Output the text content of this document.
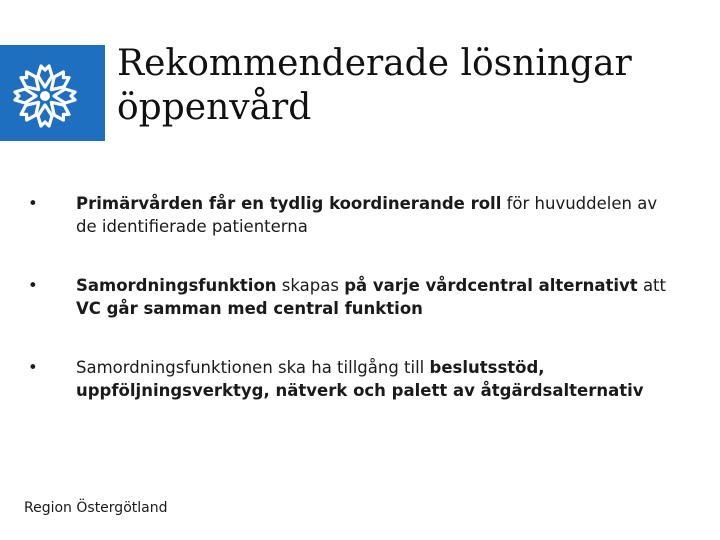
Rekommenderade lösningar
öppenvård
• Primärvården får en tydlig koordinerande roll för huvuddelen av de identifierade patienterna
• Samordningsfunktion skapas på varje vårdcentral alternativt att VC går samman med central funktion
• Samordningsfunktionen ska ha tillgång till beslutsstöd, uppföljningsverktyg, nätverk och palett av åtgärdsalternativ
Region Östergötland
